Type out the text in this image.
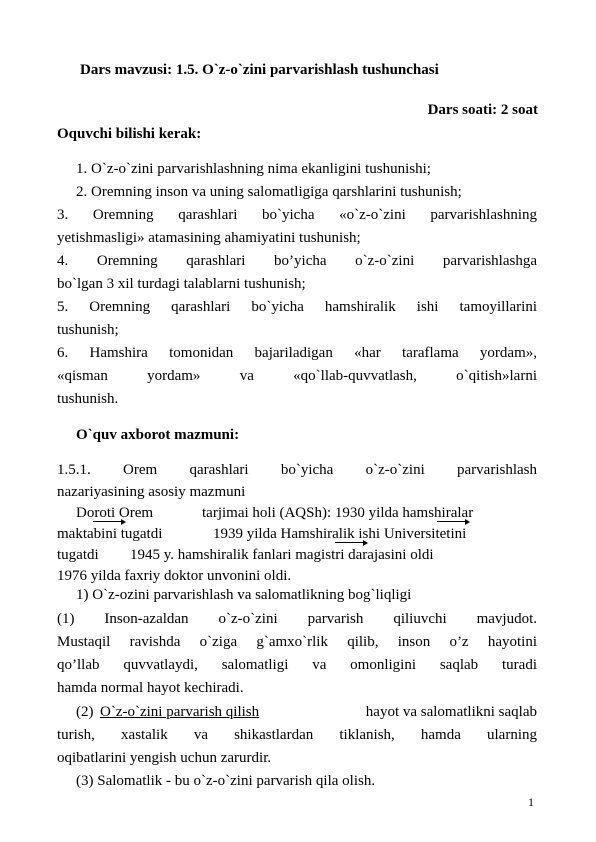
Dars mavzusi: 1.5. O`z-o`zini parvarishlash tushunchasi
Dars soati: 2 soat
Oquvchi bilishi kerak:
1. O`z-o`zini parvarishlashning nima ekanligini tushunishi;
2. Oremning inson va uning salomatligiga qarshlarini tushunish;
3. Oremning qarashlari bo`yicha «o`z-o`zini parvarishlashning
yetishmasligi» atamasining ahamiyatini tushunish;
4. Oremning qarashlari bo’yicha o`z-o`zini parvarishlashga
bo`lgan 3 xil turdagi talablarni tushunish;
5. Oremning qarashlari bo`yicha hamshiralik ishi tamoyillarini
tushunish;
6. Hamshira tomonidan bajariladigan «har taraflama yordam»,
«qisman yordam» va «qo`llab-quvvatlash, o`qitish»larni
tushunish.
O`quv axborot mazmuni:
1.5.1. Orem qarashlari bo`yicha o`z-o`zini parvarishlash
nazariyasining asosiy mazmuni
Doroti Orem	tarjimai holi (AQSh): 1930 yilda hamshiralar
maktabini tugatdi	1939 yilda Hamshiralik ishi Universitetini
tugatdi 1945 y. hamshiralik fanlari magistri darajasini oldi
1976 yilda faxriy doktor unvonini oldi.
1) O`z-ozini parvarishlash va salomatlikning bog`liqligi
(1) Inson-azaldan o`z-o`zini parvarish qiliuvchi mavjudot.
Mustaqil ravishda o`ziga g`amxo`rlik qilib, inson o’z hayotini
qo’llab quvvatlaydi, salomatligi va omonligini saqlab turadi
hamda normal hayot kechiradi.
(2) O`z-o`zini parvarish qilish	hayot va salomatlikni saqlab
turish, xastalik va shikastlardan tiklanish, hamda ularning
oqibatlarini yengish uchun zarurdir.
(3) Salomatlik - bu o`z-o`zini parvarish qila olish.
1
